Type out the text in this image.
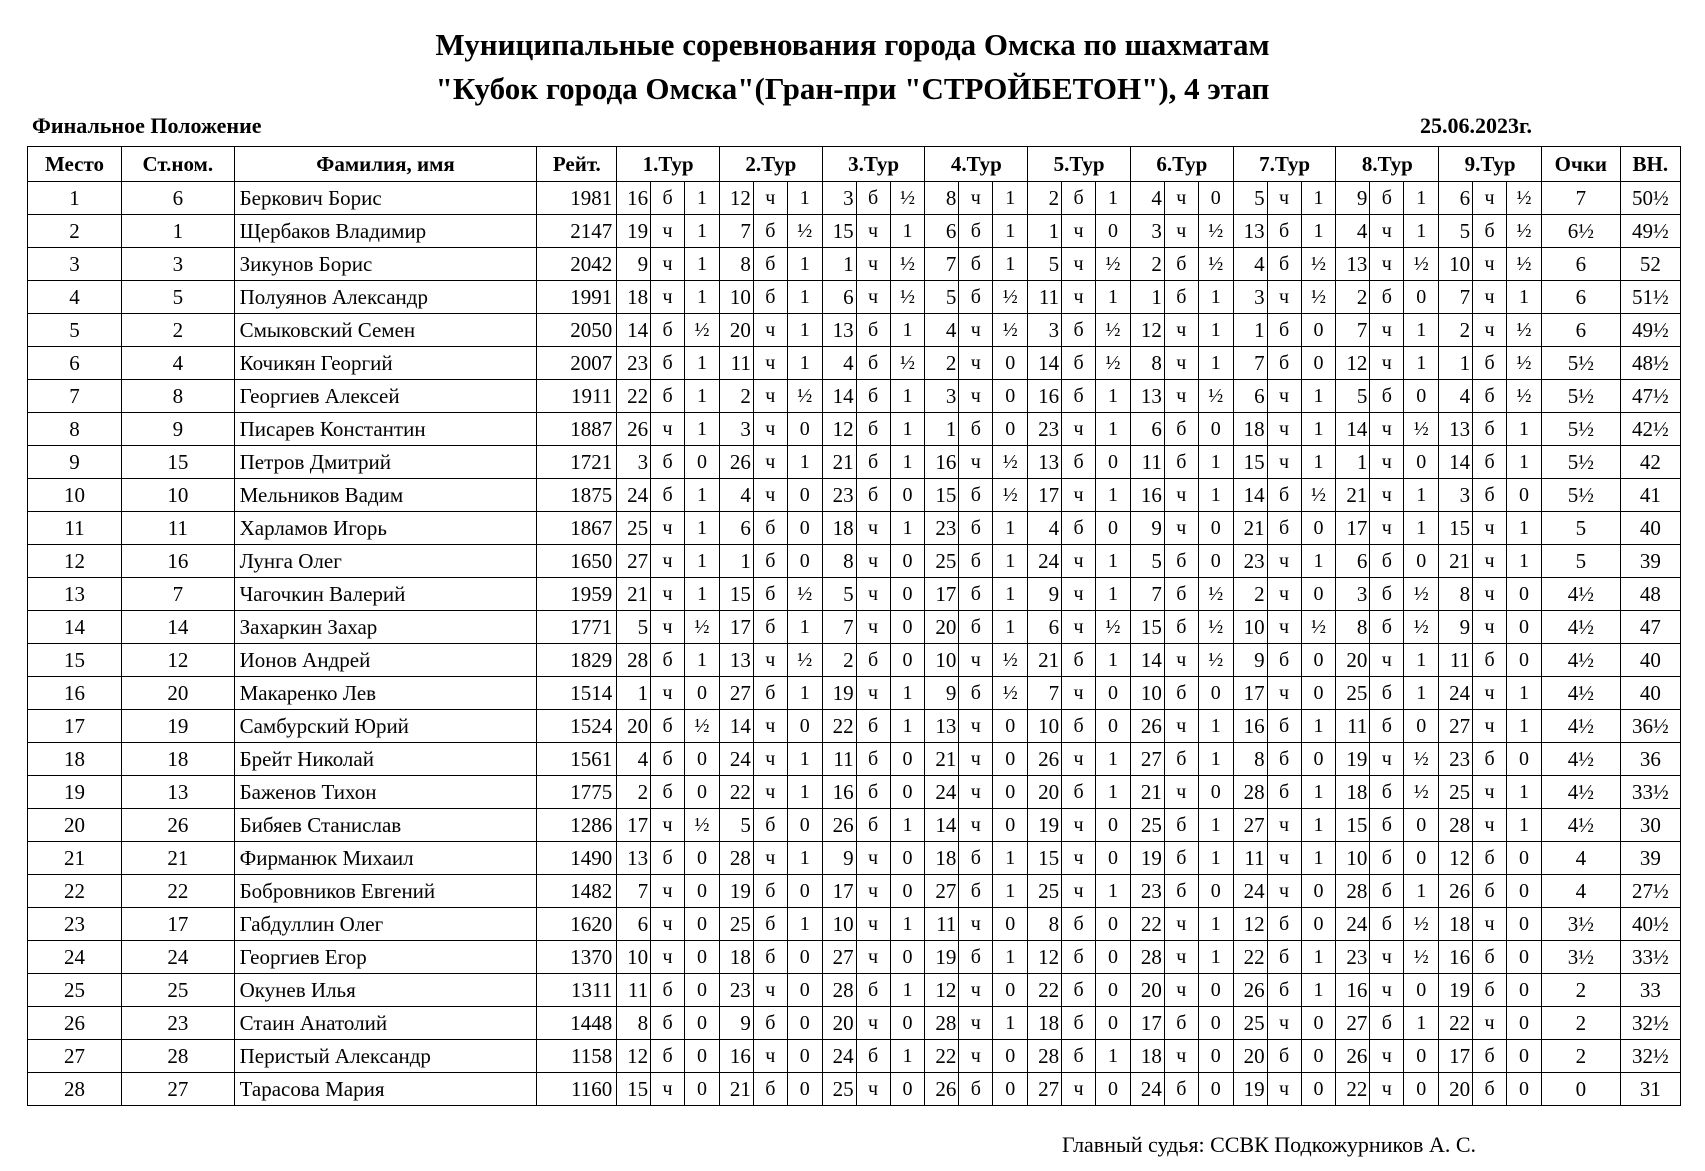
Муниципальные соревнования города Омска по шахматам
"Кубок города Омска"(Гран-при "СТРОЙБЕТОН"), 4 этап
Финальное Положение	25.06.2023г.
Место	Ст.ном.	Фамилия, имя	Рейт.	1.Тур			2.Тур			3.Тур			4.Тур			5.Тур			6.Тур			7.Тур			8.Тур			9.Тур			Очки	ВН.
1	6	Беркович Борис	1981	16	б	1	12	ч	1	3	б	½	8	ч	1	2	б	1	4	ч	0	5	ч	1	9	б	1	6	ч	½	7	50½
2	1	Щербаков Владимир	2147	19	ч	1	7	б	½	15	ч	1	6	б	1	1	ч	0	3	ч	½	13	б	1	4	ч	1	5	б	½	6½	49½
3	3	Зикунов Борис	2042	9	ч	1	8	б	1	1	ч	½	7	б	1	5	ч	½	2	б	½	4	б	½	13	ч	½	10	ч	½	6	52
4	5	Полуянов Александр	1991	18	ч	1	10	б	1	6	ч	½	5	б	½	11	ч	1	1	б	1	3	ч	½	2	б	0	7	ч	1	6	51½
5	2	Смыковский Семен	2050	14	б	½	20	ч	1	13	б	1	4	ч	½	3	б	½	12	ч	1	1	б	0	7	ч	1	2	ч	½	6	49½
6	4	Кочикян Георгий	2007	23	б	1	11	ч	1	4	б	½	2	ч	0	14	б	½	8	ч	1	7	б	0	12	ч	1	1	б	½	5½	48½
7	8	Георгиев Алексей	1911	22	б	1	2	ч	½	14	б	1	3	ч	0	16	б	1	13	ч	½	6	ч	1	5	б	0	4	б	½	5½	47½
8	9	Писарев Константин	1887	26	ч	1	3	ч	0	12	б	1	1	б	0	23	ч	1	6	б	0	18	ч	1	14	ч	½	13	б	1	5½	42½
9	15	Петров Дмитрий	1721	3	б	0	26	ч	1	21	б	1	16	ч	½	13	б	0	11	б	1	15	ч	1	1	ч	0	14	б	1	5½	42
10	10	Мельников Вадим	1875	24	б	1	4	ч	0	23	б	0	15	б	½	17	ч	1	16	ч	1	14	б	½	21	ч	1	3	б	0	5½	41
11	11	Харламов Игорь	1867	25	ч	1	6	б	0	18	ч	1	23	б	1	4	б	0	9	ч	0	21	б	0	17	ч	1	15	ч	1	5	40
12	16	Лунга Олег	1650	27	ч	1	1	б	0	8	ч	0	25	б	1	24	ч	1	5	б	0	23	ч	1	6	б	0	21	ч	1	5	39
13	7	Чагочкин Валерий	1959	21	ч	1	15	б	½	5	ч	0	17	б	1	9	ч	1	7	б	½	2	ч	0	3	б	½	8	ч	0	4½	48
14	14	Захаркин Захар	1771	5	ч	½	17	б	1	7	ч	0	20	б	1	6	ч	½	15	б	½	10	ч	½	8	б	½	9	ч	0	4½	47
15	12	Ионов Андрей	1829	28	б	1	13	ч	½	2	б	0	10	ч	½	21	б	1	14	ч	½	9	б	0	20	ч	1	11	б	0	4½	40
16	20	Макаренко Лев	1514	1	ч	0	27	б	1	19	ч	1	9	б	½	7	ч	0	10	б	0	17	ч	0	25	б	1	24	ч	1	4½	40
17	19	Самбурский Юрий	1524	20	б	½	14	ч	0	22	б	1	13	ч	0	10	б	0	26	ч	1	16	б	1	11	б	0	27	ч	1	4½	36½
18	18	Брейт Николай	1561	4	б	0	24	ч	1	11	б	0	21	ч	0	26	ч	1	27	б	1	8	б	0	19	ч	½	23	б	0	4½	36
19	13	Баженов Тихон	1775	2	б	0	22	ч	1	16	б	0	24	ч	0	20	б	1	21	ч	0	28	б	1	18	б	½	25	ч	1	4½	33½
20	26	Бибяев Станислав	1286	17	ч	½	5	б	0	26	б	1	14	ч	0	19	ч	0	25	б	1	27	ч	1	15	б	0	28	ч	1	4½	30
21	21	Фирманюк Михаил	1490	13	б	0	28	ч	1	9	ч	0	18	б	1	15	ч	0	19	б	1	11	ч	1	10	б	0	12	б	0	4	39
22	22	Бобровников Евгений	1482	7	ч	0	19	б	0	17	ч	0	27	б	1	25	ч	1	23	б	0	24	ч	0	28	б	1	26	б	0	4	27½
23	17	Габдуллин Олег	1620	6	ч	0	25	б	1	10	ч	1	11	ч	0	8	б	0	22	ч	1	12	б	0	24	б	½	18	ч	0	3½	40½
24	24	Георгиев Егор	1370	10	ч	0	18	б	0	27	ч	0	19	б	1	12	б	0	28	ч	1	22	б	1	23	ч	½	16	б	0	3½	33½
25	25	Окунев Илья	1311	11	б	0	23	ч	0	28	б	1	12	ч	0	22	б	0	20	ч	0	26	б	1	16	ч	0	19	б	0	2	33
26	23	Стаин Анатолий	1448	8	б	0	9	б	0	20	ч	0	28	ч	1	18	б	0	17	б	0	25	ч	0	27	б	1	22	ч	0	2	32½
27	28	Перистый Александр	1158	12	б	0	16	ч	0	24	б	1	22	ч	0	28	б	1	18	ч	0	20	б	0	26	ч	0	17	б	0	2	32½
28	27	Тарасова Мария	1160	15	ч	0	21	б	0	25	ч	0	26	б	0	27	ч	0	24	б	0	19	ч	0	22	ч	0	20	б	0	0	31
Главный судья: ССВК Подкожурников А. С.
